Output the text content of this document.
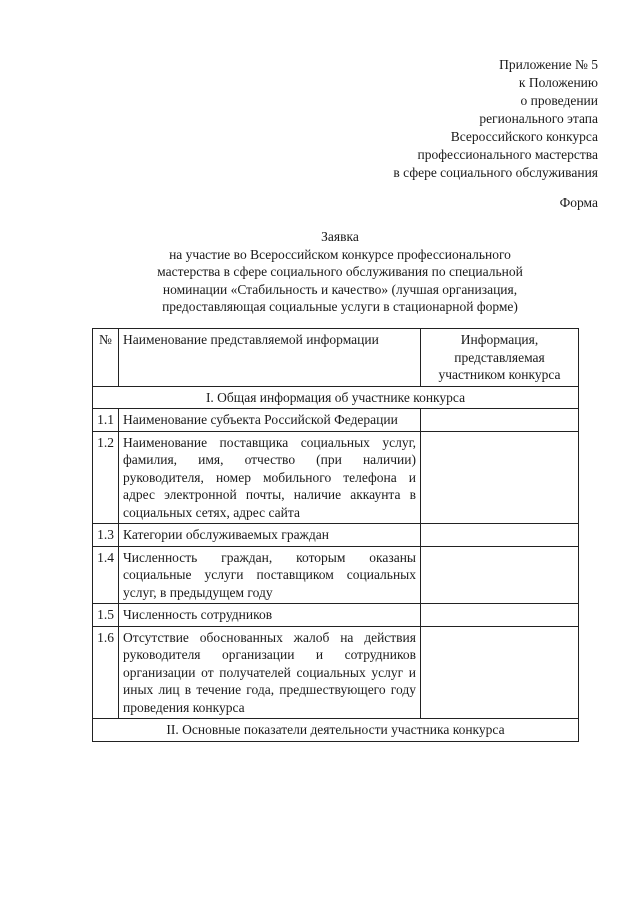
Приложение № 5
к Положению
о проведении
регионального этапа
Всероссийского конкурса
профессионального мастерства
в сфере социального обслуживания
Форма
Заявка
на участие во Всероссийском конкурсе профессионального
мастерства в сфере социального обслуживания по специальной
номинации «Стабильность и качество» (лучшая организация,
предоставляющая социальные услуги в стационарной форме)
№	Наименование представляемой информации	Информация, представляемая участником конкурса
I. Общая информация об участнике конкурса		
1.1	Наименование субъекта Российской Федерации	
1.2	Наименование поставщика социальных услуг, фамилия, имя, отчество (при наличии) руководителя, номер мобильного телефона и адрес электронной почты, наличие аккаунта в социальных сетях, адрес сайта	
1.3	Категории обслуживаемых граждан	
1.4	Численность граждан, которым оказаны социальные услуги поставщиком социальных услуг, в предыдущем году	
1.5	Численность сотрудников	
1.6	Отсутствие обоснованных жалоб на действия руководителя организации и сотрудников организации от получателей социальных услуг и иных лиц в течение года, предшествующего году проведения конкурса	
II. Основные показатели деятельности участника конкурса		
